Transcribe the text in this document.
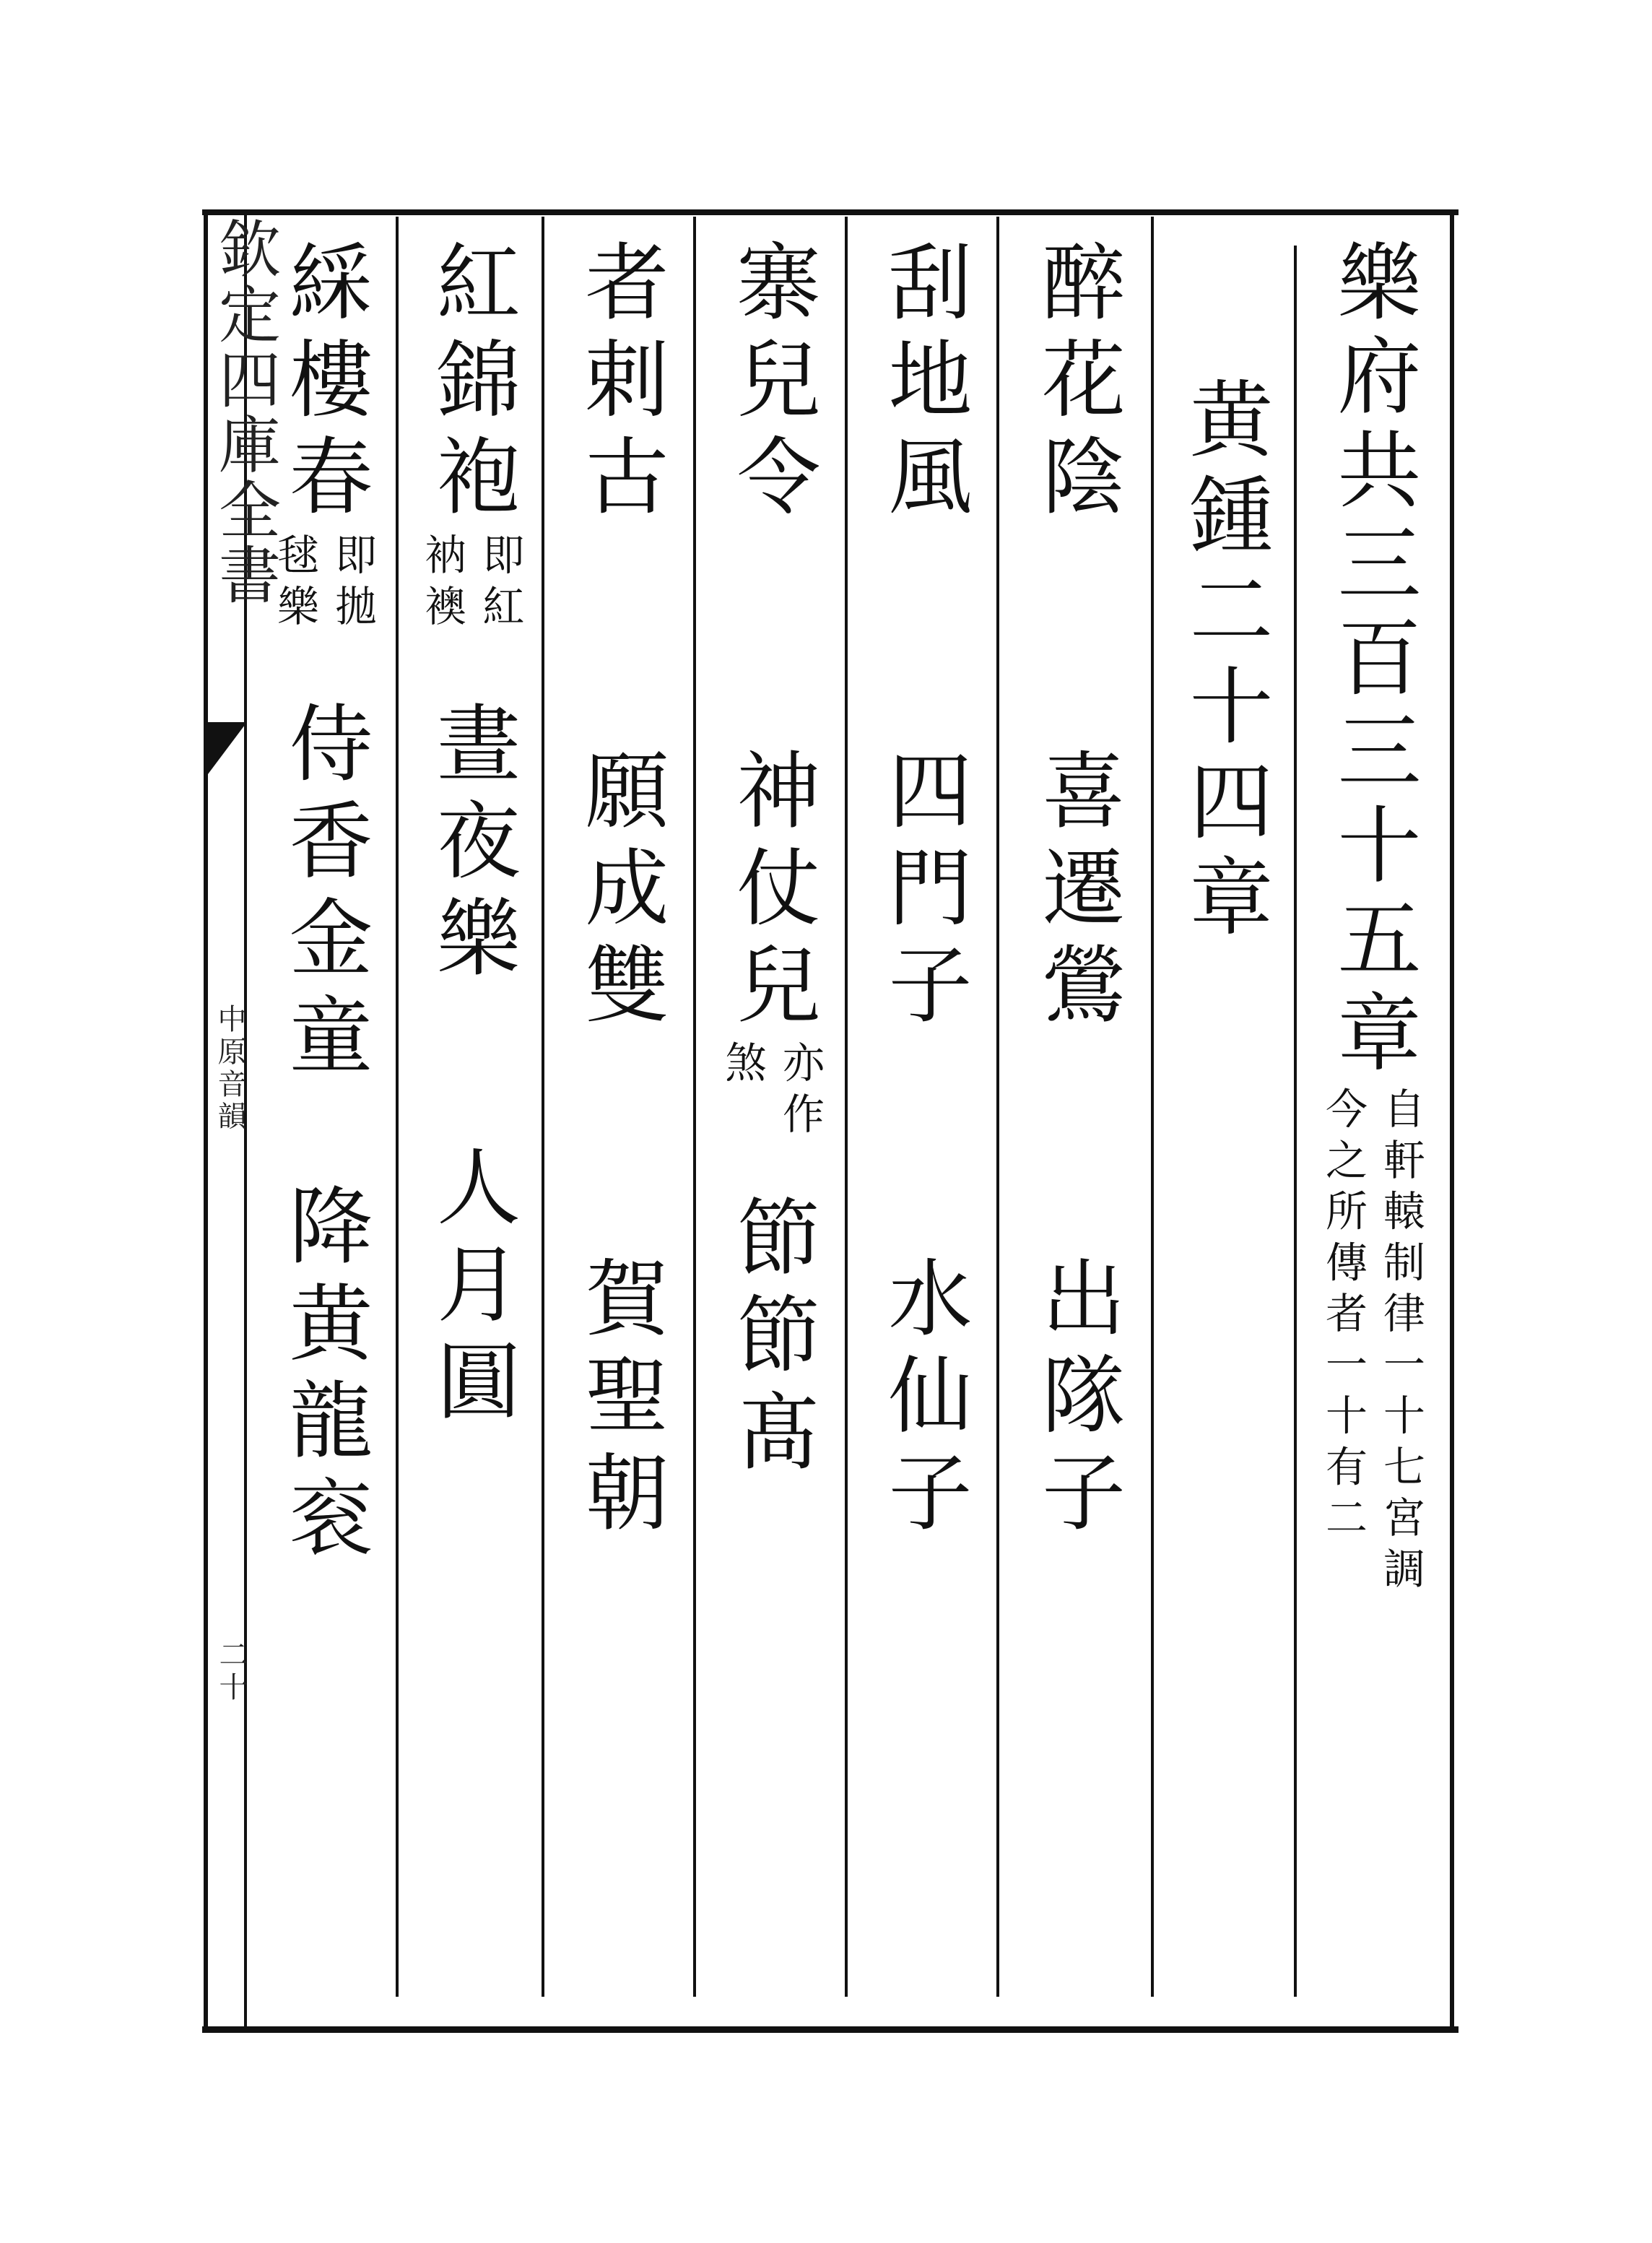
欽定四庫全書
中原音韻
二十
樂府共三百三十五章
自軒轅制律一十七宮調
今之所傳者一十有二
黄鍾二十四章
醉花陰
喜遷鶯
出隊子
刮地風
四門子
水仙子
寨兒令
神仗兒
亦作
煞
節節髙
者剌古
願成雙
賀聖朝
紅錦袍
即紅
衲襖
晝夜樂
人月圓
綵樓春
即拋
毬樂
侍香金童
降黄龍衮
